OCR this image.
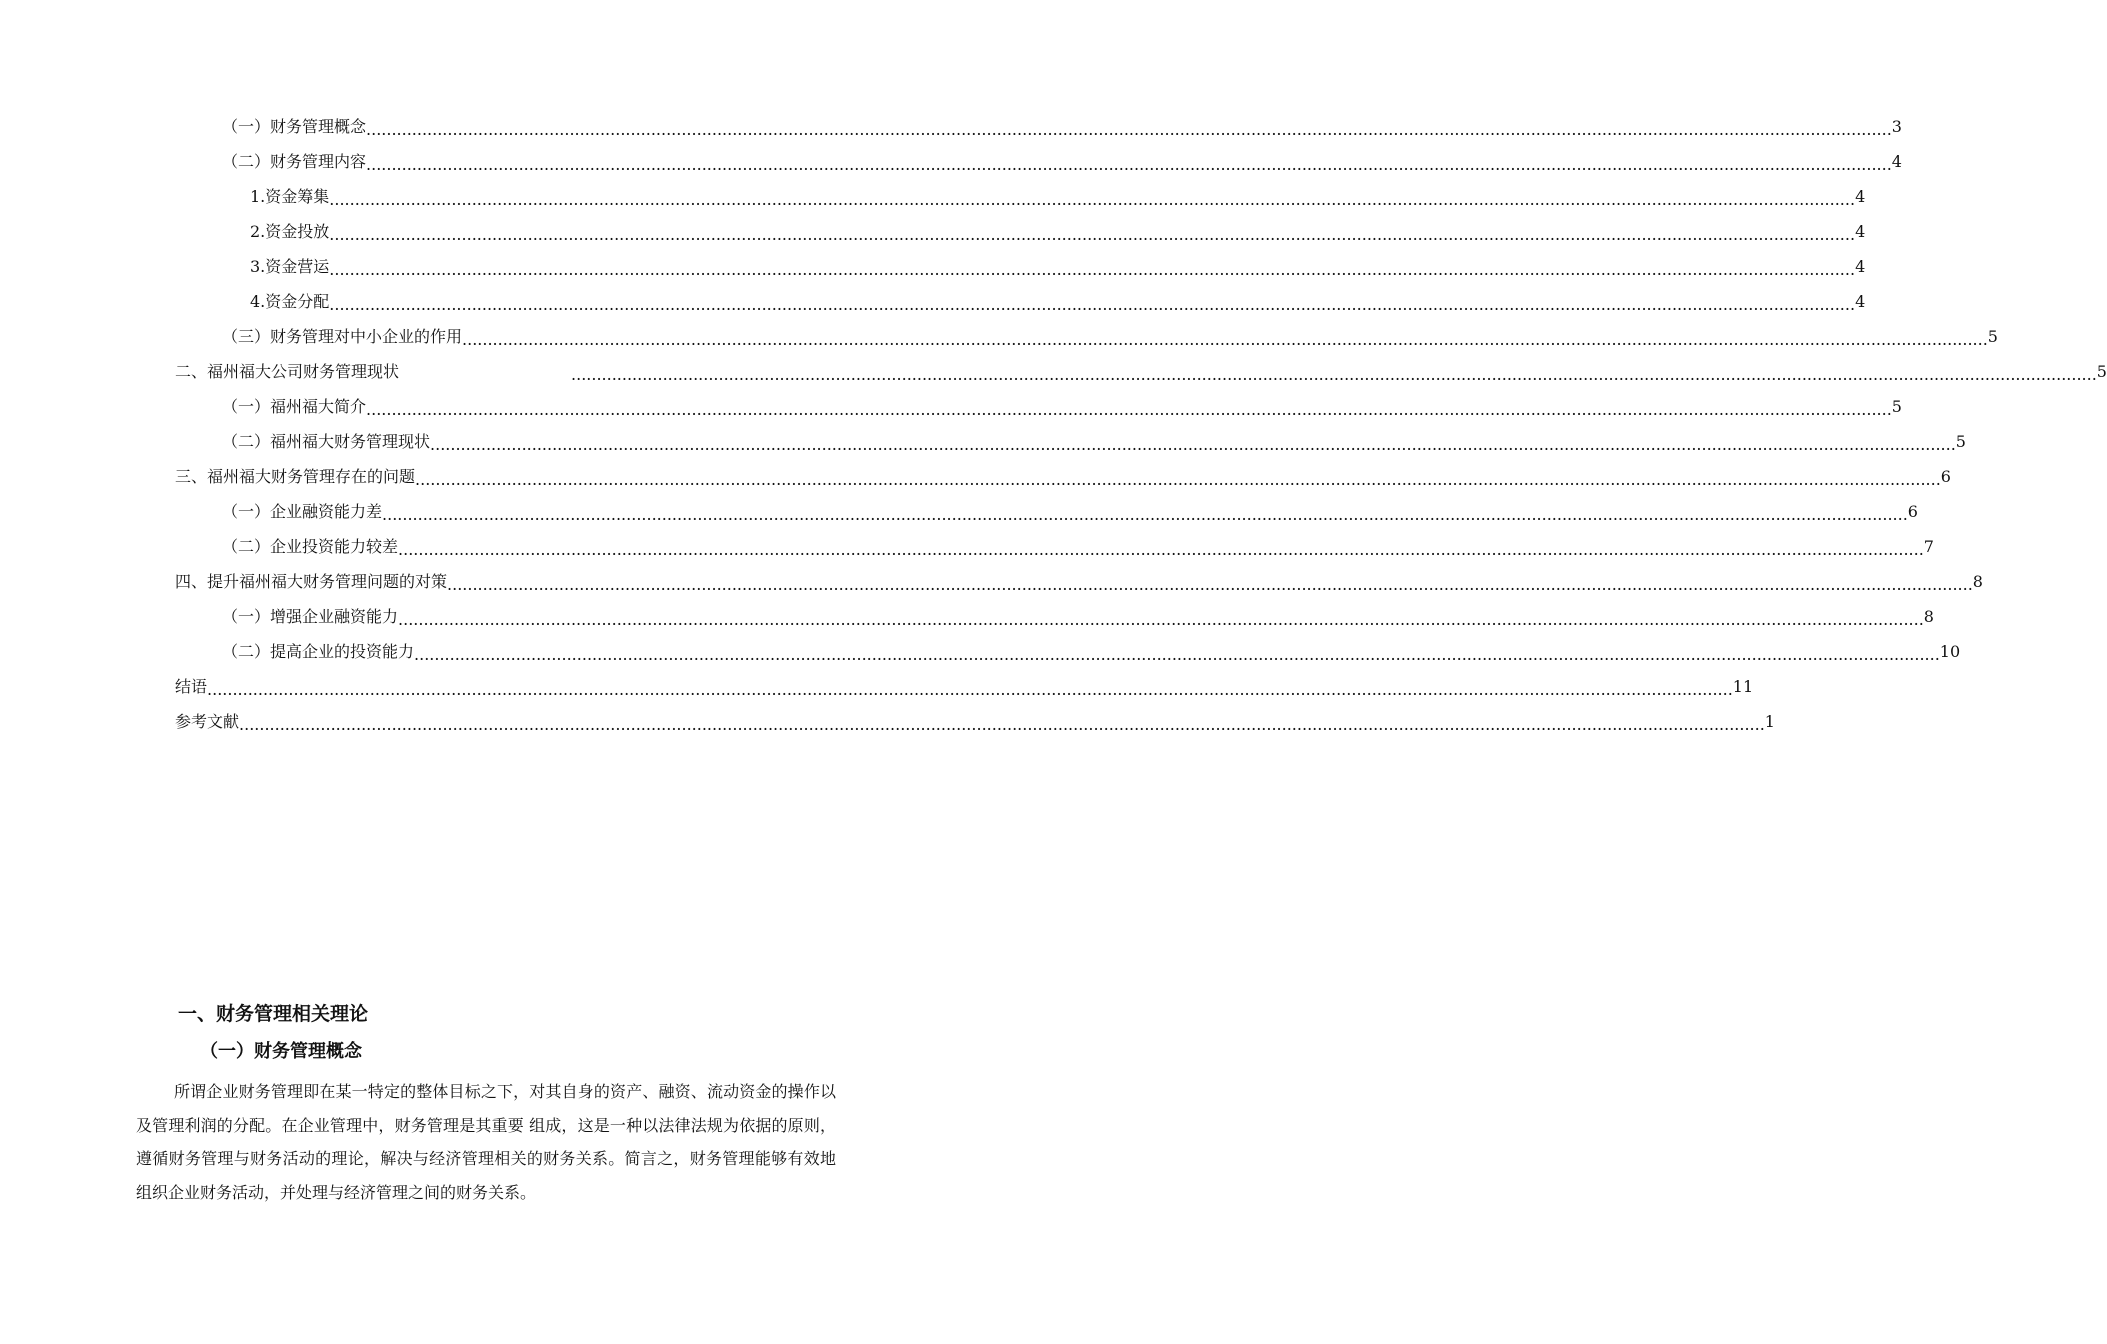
（一）财务管理概念 ............................................................................................................................................................................................................................................................................................................ 3
（二）财务管理内容 ............................................................................................................................................................................................................................................................................................................ 4
1.资金筹集 ............................................................................................................................................................................................................................................................................................................ 4
2.资金投放 ............................................................................................................................................................................................................................................................................................................ 4
3.资金营运 ............................................................................................................................................................................................................................................................................................................ 4
4.资金分配 ............................................................................................................................................................................................................................................................................................................ 4
（三）财务管理对中小企业的作用 ............................................................................................................................................................................................................................................................................................................ 5
二、福州福大公司财务管理现状	............................................................................................................................................................................................................................................................................................................ 5
（一）福州福大简介 ............................................................................................................................................................................................................................................................................................................ 5
（二）福州福大财务管理现状 ............................................................................................................................................................................................................................................................................................................ 5
三、福州福大财务管理存在的问题 ............................................................................................................................................................................................................................................................................................................ 6
（一）企业融资能力差 ............................................................................................................................................................................................................................................................................................................ 6
（二）企业投资能力较差 ............................................................................................................................................................................................................................................................................................................ 7
四、提升福州福大财务管理问题的对策 ............................................................................................................................................................................................................................................................................................................ 8
（一）增强企业融资能力 ............................................................................................................................................................................................................................................................................................................ 8
（二）提高企业的投资能力 ............................................................................................................................................................................................................................................................................................................ 10
结语 ............................................................................................................................................................................................................................................................................................................ 11
参考文献 ............................................................................................................................................................................................................................................................................................................ 1
一、财务管理相关理论
（一）财务管理概念

所谓企业财务管理即在某一特定的整体目标之下，对其自身的资产、融资、流动资金的操作以及管理利润的分配。在企业管理中，财务管理是其重要 组成，这是一种以法律法规为依据的原则，遵循财务管理与财务活动的理论，解决与经济管理相关的财务关系。简言之，财务管理能够有效地组织企业财务活动，并处理与经济管理之间的财务关系。
